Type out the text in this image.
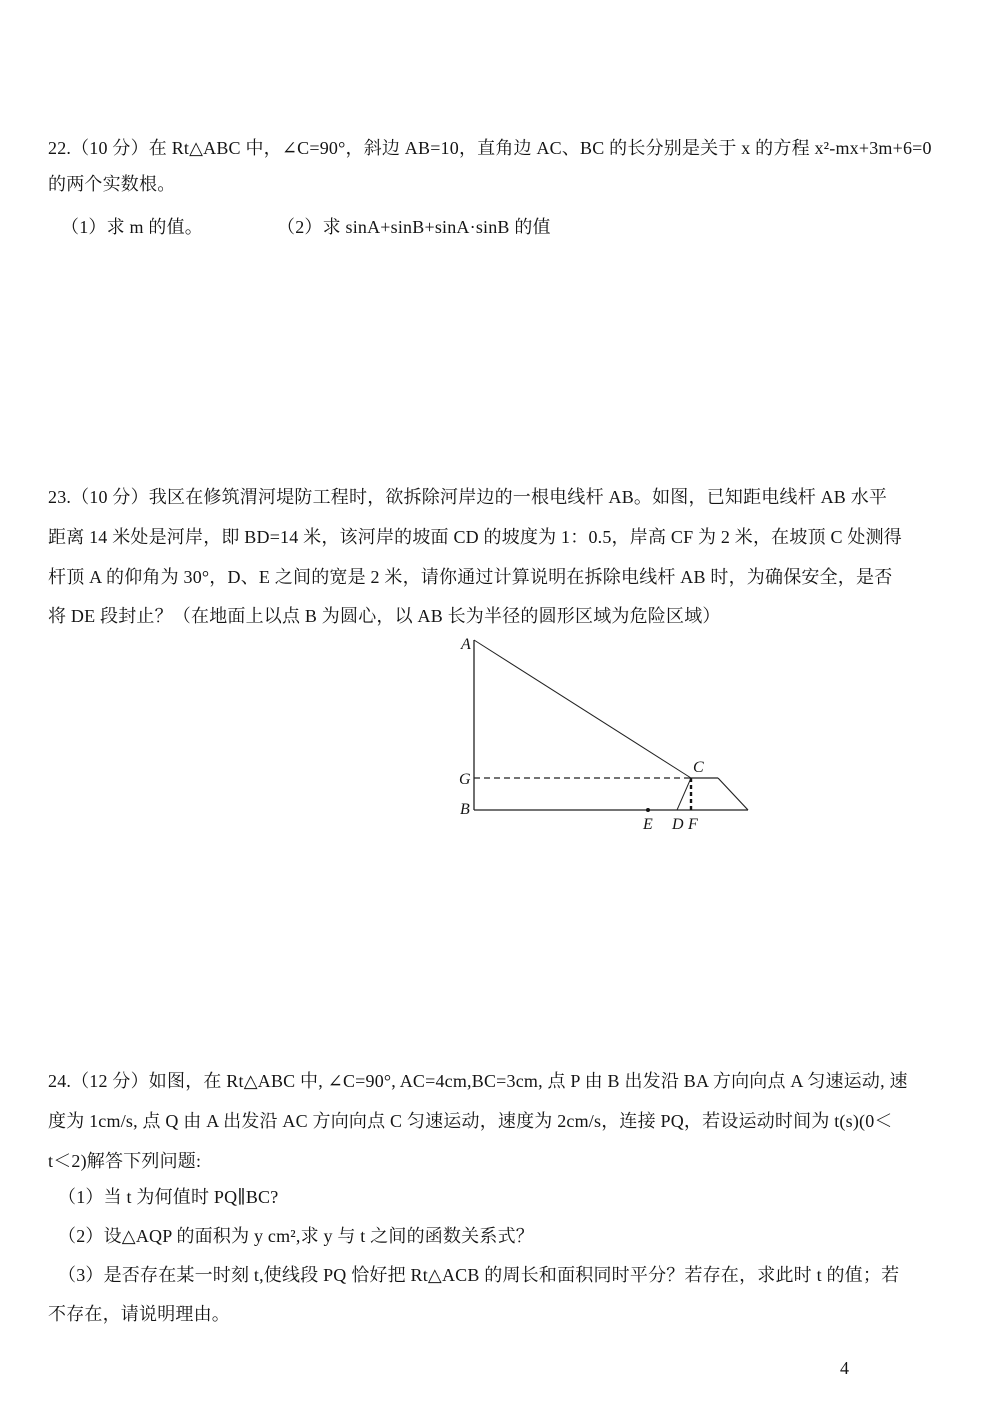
22.（10 分）在 Rt△ABC 中，∠C=90°，斜边 AB=10，直角边 AC、BC 的长分别是关于 x 的方程 x²-mx+3m+6=0
的两个实数根。
（1）求 m 的值。	（2）求 sinA+sinB+sinA·sinB 的值
23.（10 分）我区在修筑渭河堤防工程时，欲拆除河岸边的一根电线杆 AB。如图，已知距电线杆 AB 水平
距离 14 米处是河岸，即 BD=14 米，该河岸的坡面 CD 的坡度为 1：0.5，岸高 CF 为 2 米，在坡顶 C 处测得
杆顶 A 的仰角为 30°，D、E 之间的宽是 2 米，请你通过计算说明在拆除电线杆 AB 时，为确保安全，是否
将 DE 段封止？（在地面上以点 B 为圆心，以 AB 长为半径的圆形区域为危险区域）
A
G
B
C
E D F
24.（12 分）如图，在 Rt△ABC 中, ∠C=90°, AC=4cm,BC=3cm, 点 P 由 B 出发沿 BA 方向向点 A 匀速运动, 速
度为 1cm/s, 点 Q 由 A 出发沿 AC 方向向点 C 匀速运动，速度为 2cm/s，连接 PQ，若设运动时间为 t(s)(0＜
t＜2)解答下列问题:
（1）当 t 为何值时 PQ∥BC?
（2）设△AQP 的面积为 y cm²,求 y 与 t 之间的函数关系式？
（3）是否存在某一时刻 t,使线段 PQ 恰好把 Rt△ACB 的周长和面积同时平分？若存在，求此时 t 的值；若
不存在，请说明理由。
4
